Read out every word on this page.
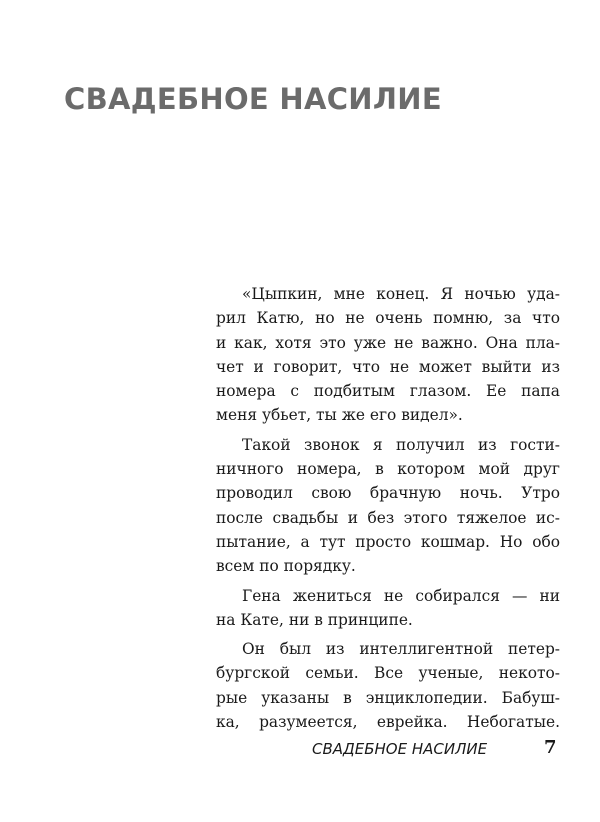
СВАДЕБНОЕ НАСИЛИЕ
«Цыпкин, мне конец. Я ночью уда-
рил Катю, но не очень помню, за что
и как, хотя это уже не важно. Она пла-
чет и говорит, что не может выйти из
номера с подбитым глазом. Ее папа
меня убьет, ты же его видел».
Такой звонок я получил из гости-
ничного номера, в котором мой друг
проводил свою брачную ночь. Утро
после свадьбы и без этого тяжелое ис-
пытание, а тут просто кошмар. Но обо
всем по порядку.
Гена жениться не собирался — ни
на Кате, ни в принципе.
Он был из интеллигентной петер-
бургской семьи. Все ученые, некото-
рые указаны в энциклопедии. Бабуш-
ка, разумеется, еврейка. Небогатые.
СВАДЕБНОЕ НАСИЛИЕ	7
